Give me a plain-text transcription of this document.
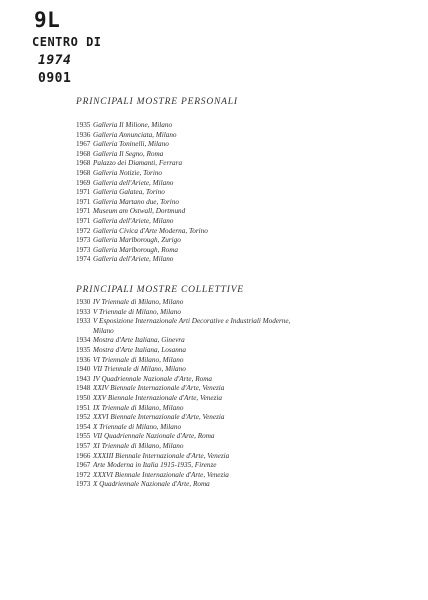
9L
CENTRO DI
1974
0901
PRINCIPALI MOSTRE PERSONALI
1935 Galleria Il Milione, Milano
1936 Galleria Annunciata, Milano
1967 Galleria Toninelli, Milano
1968 Galleria Il Segno, Roma
1968 Palazzo dei Diamanti, Ferrara
1968 Galleria Notizie, Torino
1969 Galleria dell'Ariete, Milano
1971 Galleria Galatea, Torino
1971 Galleria Martano due, Torino
1971 Museum am Ostwall, Dortmund
1971 Galleria dell'Ariete, Milano
1972 Galleria Civica d'Arte Moderna, Torino
1973 Galleria Marlborough, Zurigo
1973 Galleria Marlborough, Roma
1974 Galleria dell'Ariete, Milano
PRINCIPALI MOSTRE COLLETTIVE
1930 IV Triennale di Milano, Milano
1933 V Triennale di Milano, Milano
1933 V Esposizione Internazionale Arti Decorative e Industriali Moderne,
Milano
1934 Mostra d'Arte Italiana, Ginevra
1935 Mostra d'Arte Italiana, Losanna
1936 VI Triennale di Milano, Milano
1940 VII Triennale di Milano, Milano
1943 IV Quadriennale Nazionale d'Arte, Roma
1948 XXIV Biennale Internazionale d'Arte, Venezia
1950 XXV Biennale Internazionale d'Arte, Venezia
1951 IX Triennale di Milano, Milano
1952 XXVI Biennale Internazionale d'Arte, Venezia
1954 X Triennale di Milano, Milano
1955 VII Quadriennale Nazionale d'Arte, Roma
1957 XI Triennale di Milano, Milano
1966 XXXIII Biennale Internazionale d'Arte, Venezia
1967 Arte Moderna in Italia 1915-1935, Firenze
1972 XXXVI Biennale Internazionale d'Arte, Venezia
1973 X Quadriennale Nazionale d'Arte, Roma
